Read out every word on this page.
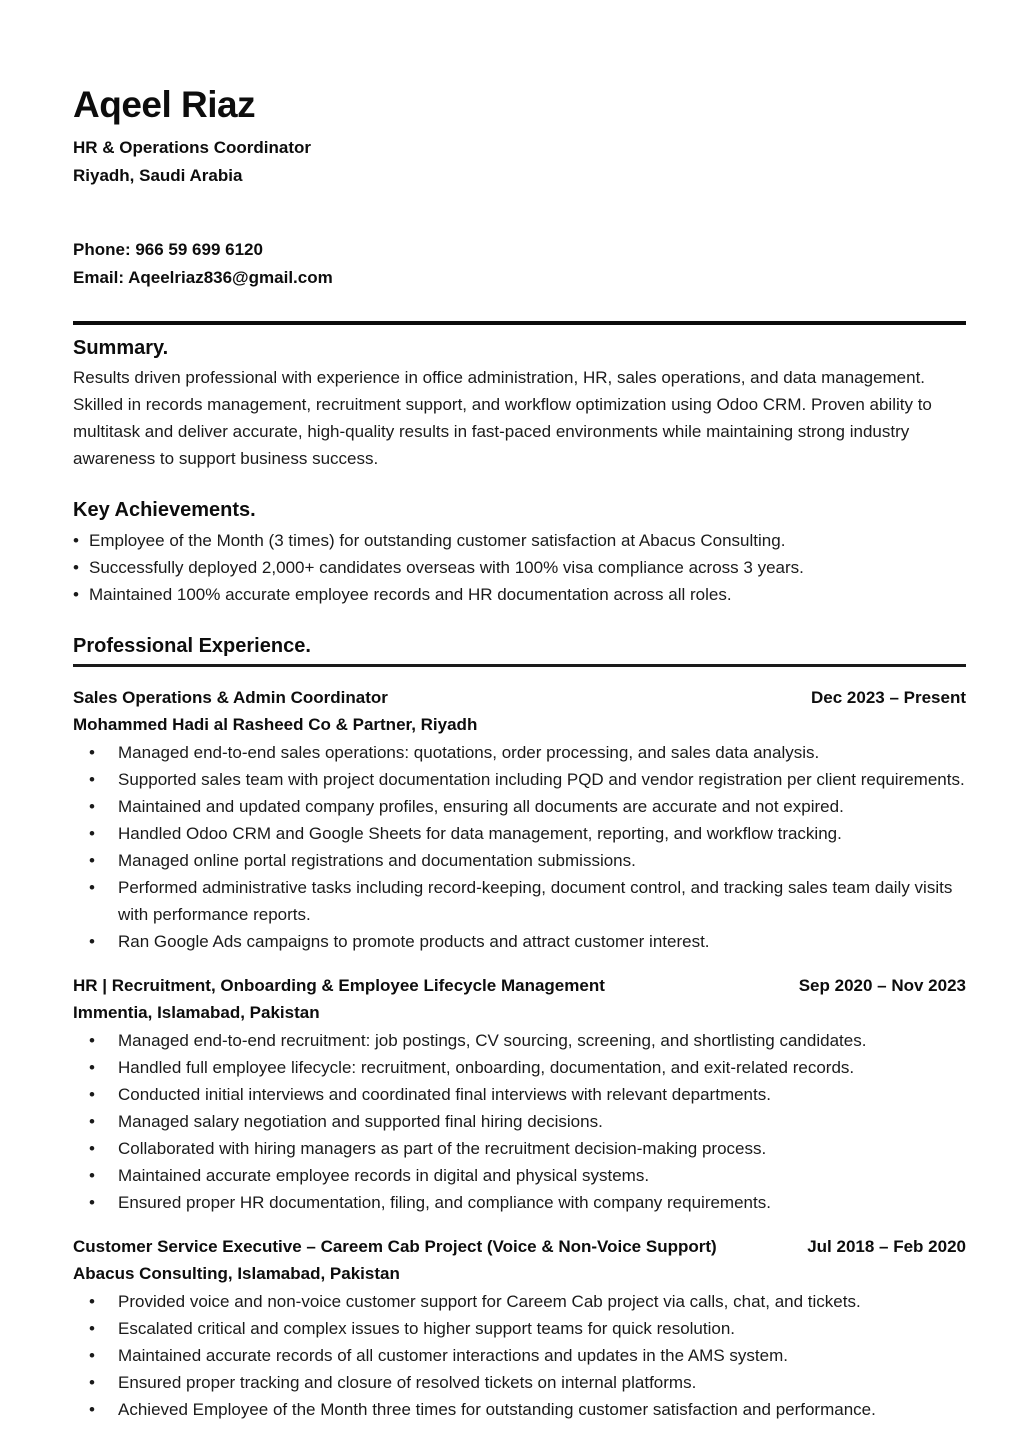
Aqeel Riaz
HR & Operations Coordinator
Riyadh, Saudi Arabia
Phone: 966 59 699 6120
Email: Aqeelriaz836@gmail.com
Summary.

Results driven professional with experience in office administration, HR, sales operations, and data management. Skilled in records management, recruitment support, and workflow optimization using Odoo CRM. Proven ability to multitask and deliver accurate, high-quality results in fast-paced environments while maintaining strong industry awareness to support business success.

Key Achievements.
• Employee of the Month (3 times) for outstanding customer satisfaction at Abacus Consulting.
• Successfully deployed 2,000+ candidates overseas with 100% visa compliance across 3 years.
• Maintained 100% accurate employee records and HR documentation across all roles.
Professional Experience.
Sales Operations & Admin Coordinator	Dec 2023 – Present
Mohammed Hadi al Rasheed Co & Partner, Riyadh
•	Managed end-to-end sales operations: quotations, order processing, and sales data analysis.
•	Supported sales team with project documentation including PQD and vendor registration per client requirements.
•	Maintained and updated company profiles, ensuring all documents are accurate and not expired.
•	Handled Odoo CRM and Google Sheets for data management, reporting, and workflow tracking.
•	Managed online portal registrations and documentation submissions.
•	Performed administrative tasks including record-keeping, document control, and tracking sales team daily visits with performance reports.
•	Ran Google Ads campaigns to promote products and attract customer interest.
HR | Recruitment, Onboarding & Employee Lifecycle Management	Sep 2020 – Nov 2023
Immentia, Islamabad, Pakistan
•	Managed end-to-end recruitment: job postings, CV sourcing, screening, and shortlisting candidates.
•	Handled full employee lifecycle: recruitment, onboarding, documentation, and exit-related records.
•	Conducted initial interviews and coordinated final interviews with relevant departments.
•	Managed salary negotiation and supported final hiring decisions.
•	Collaborated with hiring managers as part of the recruitment decision-making process.
•	Maintained accurate employee records in digital and physical systems.
•	Ensured proper HR documentation, filing, and compliance with company requirements.
Customer Service Executive – Careem Cab Project (Voice & Non-Voice Support)	Jul 2018 – Feb 2020
Abacus Consulting, Islamabad, Pakistan
•	Provided voice and non-voice customer support for Careem Cab project via calls, chat, and tickets.
•	Escalated critical and complex issues to higher support teams for quick resolution.
•	Maintained accurate records of all customer interactions and updates in the AMS system.
•	Ensured proper tracking and closure of resolved tickets on internal platforms.
•	Achieved Employee of the Month three times for outstanding customer satisfaction and performance.
